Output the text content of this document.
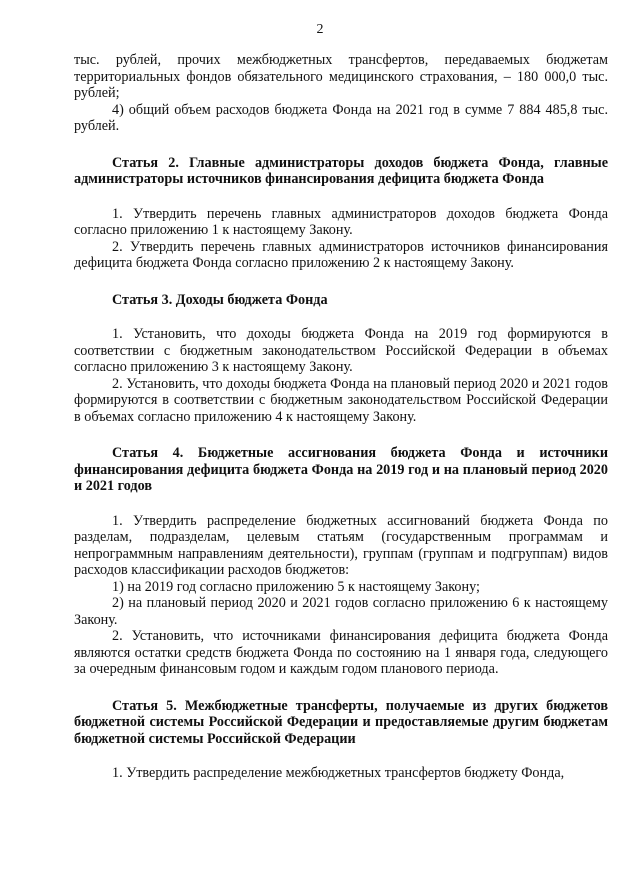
2

тыс. рублей, прочих межбюджетных трансфертов, передаваемых бюджетам территориальных фондов обязательного медицинского страхования, – 180 000,0 тыс. рублей;

4) общий объем расходов бюджета Фонда на 2021 год в сумме 7 884 485,8 тыс. рублей.

Статья 2. Главные администраторы доходов бюджета Фонда, главные администраторы источников финансирования дефицита бюджета Фонда

1. Утвердить перечень главных администраторов доходов бюджета Фонда согласно приложению 1 к настоящему Закону.

2. Утвердить перечень главных администраторов источников финансирования дефицита бюджета Фонда согласно приложению 2 к настоящему Закону.

Статья 3. Доходы бюджета Фонда

1. Установить, что доходы бюджета Фонда на 2019 год формируются в соответствии с бюджетным законодательством Российской Федерации в объемах согласно приложению 3 к настоящему Закону.

2. Установить, что доходы бюджета Фонда на плановый период 2020 и 2021 годов формируются в соответствии с бюджетным законодательством Российской Федерации в объемах согласно приложению 4 к настоящему Закону.

Статья 4. Бюджетные ассигнования бюджета Фонда и источники финансирования дефицита бюджета Фонда на 2019 год и на плановый период 2020 и 2021 годов

1. Утвердить распределение бюджетных ассигнований бюджета Фонда по разделам, подразделам, целевым статьям (государственным программам и непрограммным направлениям деятельности), группам (группам и подгруппам) видов расходов классификации расходов бюджетов:

1) на 2019 год согласно приложению 5 к настоящему Закону;

2) на плановый период 2020 и 2021 годов согласно приложению 6 к настоящему Закону.

2. Установить, что источниками финансирования дефицита бюджета Фонда являются остатки средств бюджета Фонда по состоянию на 1 января года, следующего за очередным финансовым годом и каждым годом планового периода.

Статья 5. Межбюджетные трансферты, получаемые из других бюджетов бюджетной системы Российской Федерации и предоставляемые другим бюджетам бюджетной системы Российской Федерации

1. Утвердить распределение межбюджетных трансфертов бюджету Фонда,
